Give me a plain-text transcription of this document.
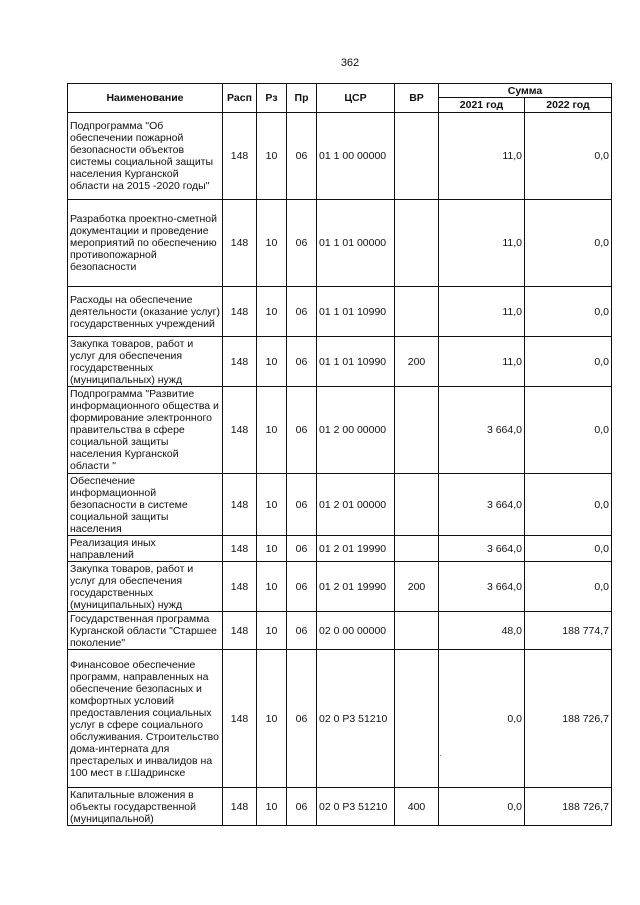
362
Наименование	Расп	Рз	Пр	ЦСР	ВР	Сумма	
						2021 год	2022 год
Подпрограмма "Об обеспечении пожарной безопасности объектов системы социальной защиты населения Курганской области на 2015 -2020 годы"	148	10	06	01 1 00 00000		11,0	0,0
Разработка проектно-сметной документации и проведение мероприятий по обеспечению противопожарной безопасности	148	10	06	01 1 01 00000		11,0	0,0
Расходы на обеспечение деятельности (оказание услуг) государственных учреждений	148	10	06	01 1 01 10990		11,0	0,0
Закупка товаров, работ и услуг для обеспечения государственных (муниципальных) нужд	148	10	06	01 1 01 10990	200	11,0	0,0
Подпрограмма "Развитие информационного общества и формирование электронного правительства в сфере социальной защиты населения Курганской области "	148	10	06	01 2 00 00000		3 664,0	0,0
Обеспечение информационной безопасности в системе социальной защиты населения	148	10	06	01 2 01 00000		3 664,0	0,0
Реализация иных направлений	148	10	06	01 2 01 19990		3 664,0	0,0
Закупка товаров, работ и услуг для обеспечения государственных (муниципальных) нужд	148	10	06	01 2 01 19990	200	3 664,0	0,0
Государственная программа Курганской области "Старшее поколение"	148	10	06	02 0 00 00000		48,0	188 774,7
Финансовое обеспечение программ, направленных на обеспечение безопасных и комфортных условий предоставления социальных услуг в сфере социального обслуживания. Строительство дома-интерната для престарелых и инвалидов на 100 мест в г.Шадринске	148	10	06	02 0 P3 51210		0,0	188 726,7
Капитальные вложения в объекты государственной (муниципальной)	148	10	06	02 0 P3 51210	400	0,0	188 726,7
